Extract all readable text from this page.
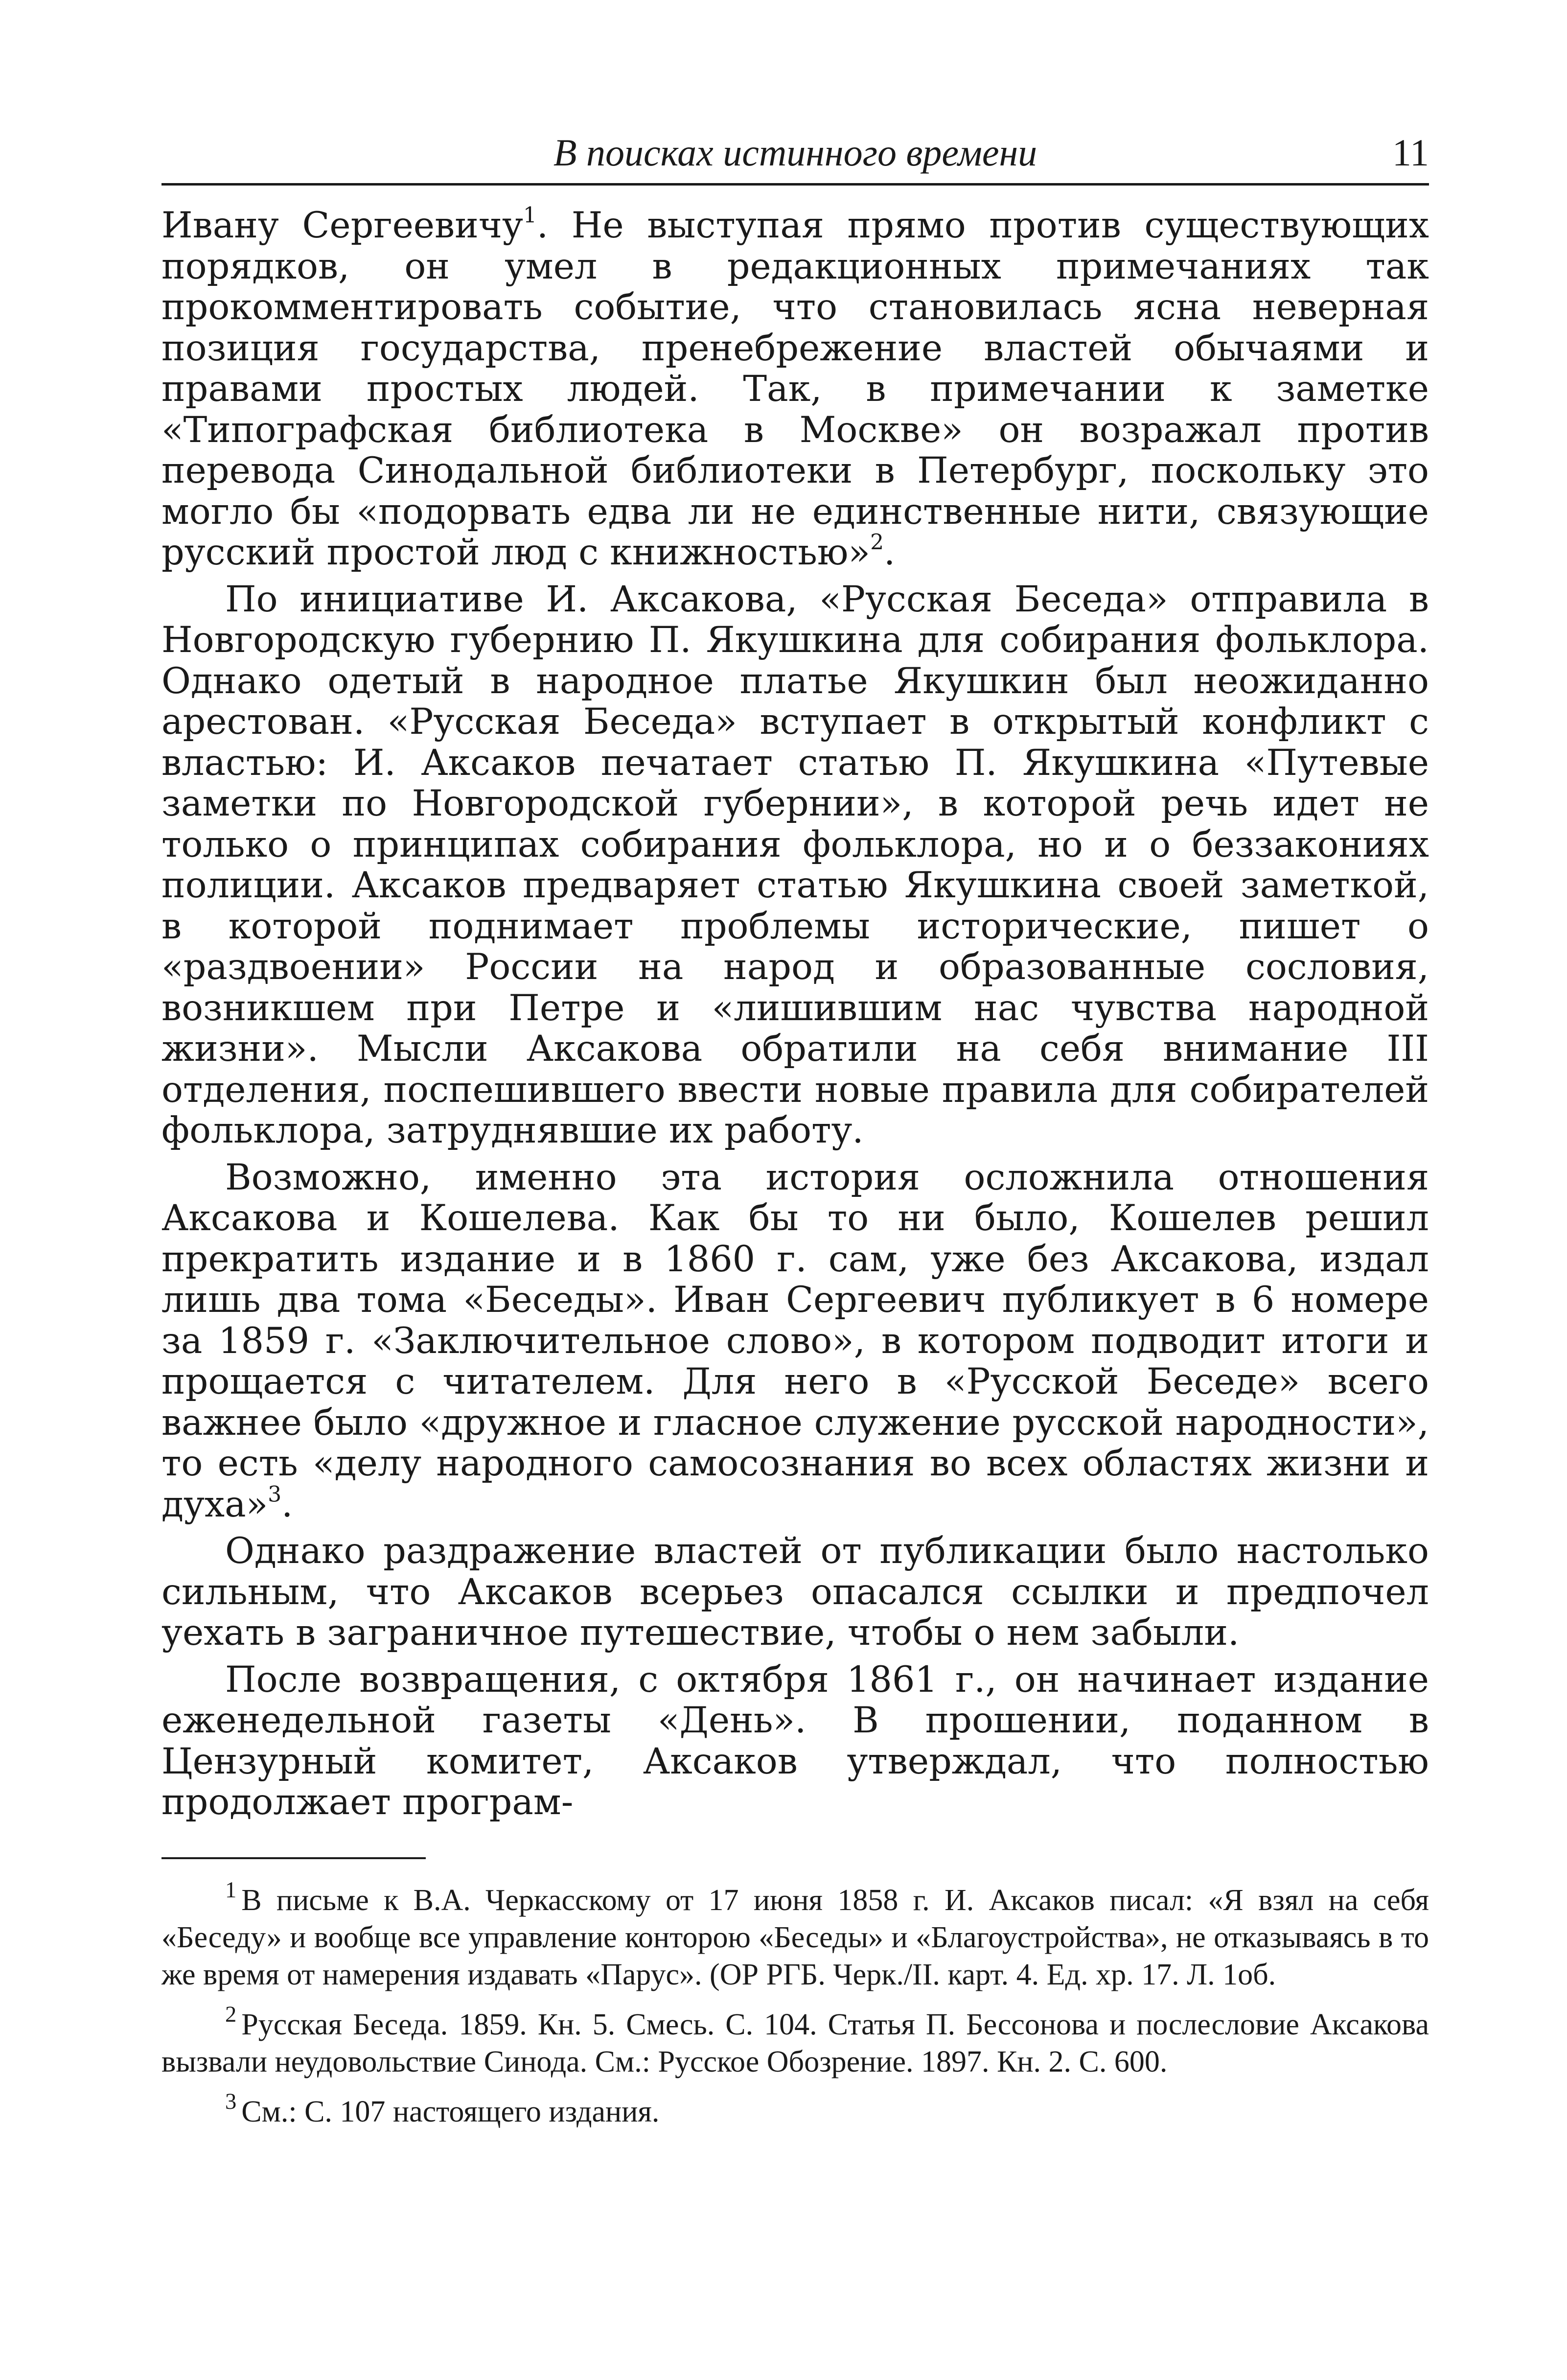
В поисках истинного времени	11

Ивану Сергеевичу$^1$. Не выступая прямо против существующих порядков, он умел в редакционных примечаниях так прокомментировать событие, что становилась ясна неверная позиция государства, пренебрежение властей обычаями и правами простых людей. Так, в примечании к заметке «Типографская библиотека в Москве» он возражал против перевода Синодальной библиотеки в Петербург, поскольку это могло бы «подорвать едва ли не единственные нити, связующие русский простой люд с книжностью»$^2$.

По инициативе И. Аксакова, «Русская Беседа» отправила в Новгородскую губернию П. Якушкина для собирания фольклора. Однако одетый в народное платье Якушкин был неожиданно арестован. «Русская Беседа» вступает в открытый конфликт с властью: И. Аксаков печатает статью П. Якушкина «Путевые заметки по Новгородской губернии», в которой речь идет не только о принципах собирания фольклора, но и о беззакониях полиции. Аксаков предваряет статью Якушкина своей заметкой, в которой поднимает проблемы исторические, пишет о «раздвоении» России на народ и образованные сословия, возникшем при Петре и «лишившим нас чувства народной жизни». Мысли Аксакова обратили на себя внимание III отделения, поспешившего ввести новые правила для собирателей фольклора, затруднявшие их работу.

Возможно, именно эта история осложнила отношения Аксакова и Кошелева. Как бы то ни было, Кошелев решил прекратить издание и в 1860 г. сам, уже без Аксакова, издал лишь два тома «Беседы». Иван Сергеевич публикует в 6 номере за 1859 г. «Заключительное слово», в котором подводит итоги и прощается с читателем. Для него в «Русской Беседе» всего важнее было «дружное и гласное служение русской народности», то есть «делу народного самосознания во всех областях жизни и духа»$^3$.

Однако раздражение властей от публикации было настолько сильным, что Аксаков всерьез опасался ссылки и предпочел уехать в заграничное путешествие, чтобы о нем забыли.

После возвращения, с октября 1861 г., он начинает издание еженедельной газеты «День». В прошении, поданном в Цензурный комитет, Аксаков утверждал, что полностью продолжает програм-

$^1$ В письме к В.А. Черкасскому от 17 июня 1858 г. И. Аксаков писал: «Я взял на себя «Беседу» и вообще все управление конторою «Беседы» и «Благоустройства», не отказываясь в то же время от намерения издавать «Парус». (ОР РГБ. Черк./II. карт. 4. Ед. хр. 17. Л. 1об.

$^2$ Русская Беседа. 1859. Кн. 5. Смесь. С. 104. Статья П. Бессонова и послесловие Аксакова вызвали неудовольствие Синода. См.: Русское Обозрение. 1897. Кн. 2. С. 600.

$^3$ См.: С. 107 настоящего издания.
